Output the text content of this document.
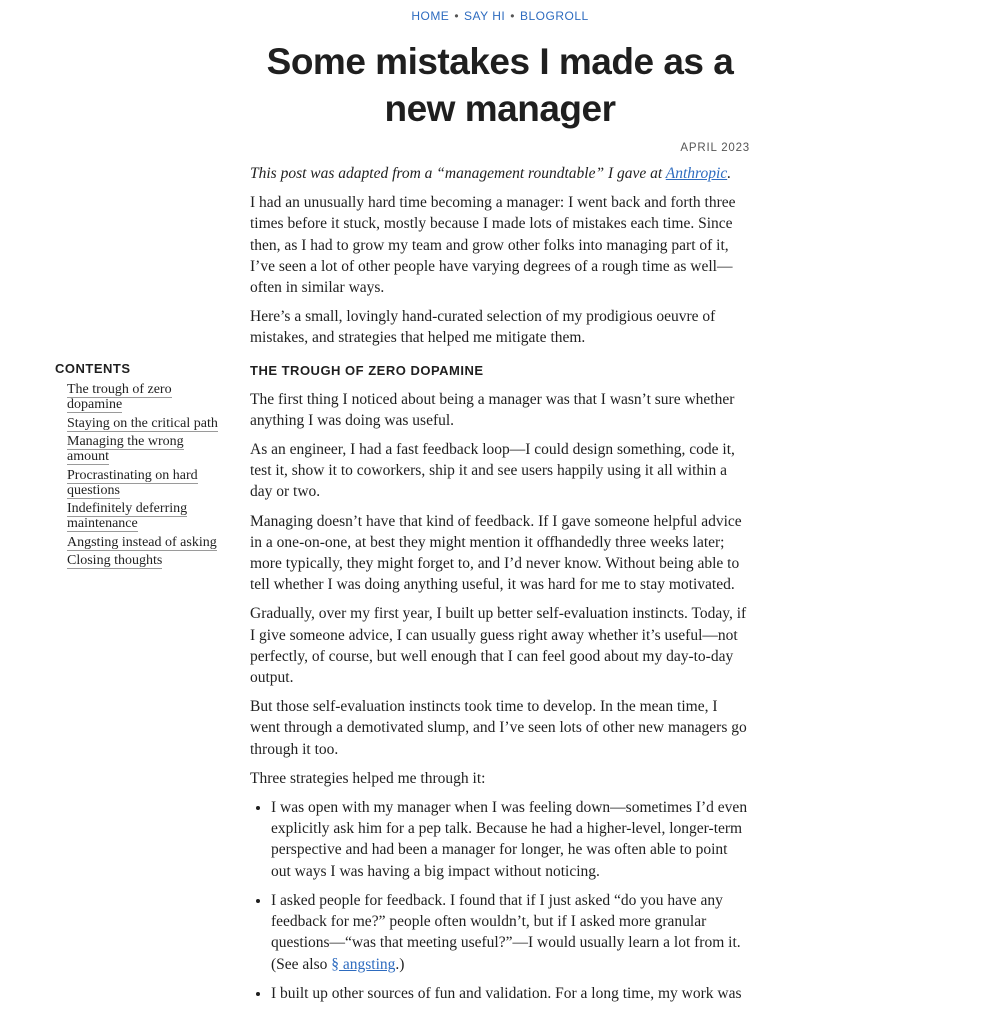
HOME • SAY HI • BLOGROLL
Some mistakes I made as a new manager
APRIL 2023
CONTENTS
The trough of zero dopamine
Staying on the critical path
Managing the wrong amount
Procrastinating on hard questions
Indefinitely deferring maintenance
Angsting instead of asking
Closing thoughts

This post was adapted from a “management roundtable” I gave at Anthropic.

I had an unusually hard time becoming a manager: I went back and forth three times before it stuck, mostly because I made lots of mistakes each time. Since then, as I had to grow my team and grow other folks into managing part of it, I’ve seen a lot of other people have varying degrees of a rough time as well—often in similar ways.

Here’s a small, lovingly hand-curated selection of my prodigious oeuvre of mistakes, and strategies that helped me mitigate them.

THE TROUGH OF ZERO DOPAMINE

The first thing I noticed about being a manager was that I wasn’t sure whether anything I was doing was useful.

As an engineer, I had a fast feedback loop—I could design something, code it, test it, show it to coworkers, ship it and see users happily using it all within a day or two.

Managing doesn’t have that kind of feedback. If I gave someone helpful advice in a one-on-one, at best they might mention it offhandedly three weeks later; more typically, they might forget to, and I’d never know. Without being able to tell whether I was doing anything useful, it was hard for me to stay motivated.

Gradually, over my first year, I built up better self-evaluation instincts. Today, if I give someone advice, I can usually guess right away whether it’s useful—not perfectly, of course, but well enough that I can feel good about my day-to-day output.

But those self-evaluation instincts took time to develop. In the mean time, I went through a demotivated slump, and I’ve seen lots of other new managers go through it too.

Three strategies helped me through it:

• I was open with my manager when I was feeling down—sometimes I’d even explicitly ask him for a pep talk. Because he had a higher-level, longer-term perspective and had been a manager for longer, he was often able to point out ways I was having a big impact without noticing.
• I asked people for feedback. I found that if I just asked “do you have any feedback for me?” people often wouldn’t, but if I asked more granular questions—“was that meeting useful?”—I would usually learn a lot from it. (See also § angsting.)
• I built up other sources of fun and validation. For a long time, my work was
